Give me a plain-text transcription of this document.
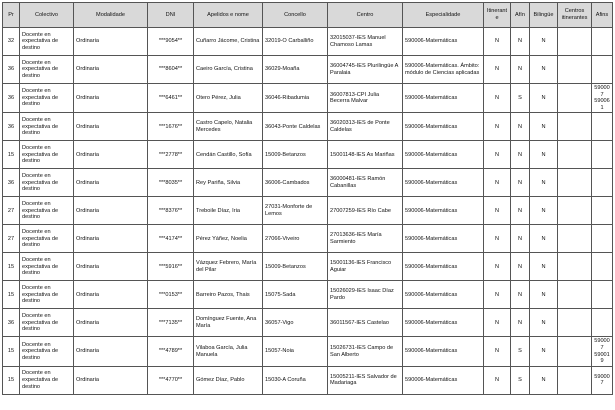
Pr	Colectivo	Modalidade	DNI	Apelidos e nome	Concello	Centro	Especialidade	Itinerante	Afín	Bilingüe	Centros itinerantes	Afins
32	Docente en expectativa de destino	Ordinaria	***9054**	Cuñarro Jácome, Cristina	32019-O Carballiño	32015037-IES Manuel Chamoso Lamas	590006-Matemáticas	N	N	N		
36	Docente en expectativa de destino	Ordinaria	***8604**	Caeiro García, Cristina	36029-Moaña	36004745-IES Plurilingüe A Paralaia	590006-Matemáticas. Ámbito: módulo de Ciencias aplicadas	N	N	N		
36	Docente en expectativa de destino	Ordinaria	***6461**	Otero Pérez, Julia	36046-Ribadumia	36007813-CPI Julia Becerra Malvar	590006-Matemáticas	N	S	N		590007
590061

36	Docente en expectativa de destino	Ordinaria	***1676**	Castro Capelo, Natalia Mercedes	36043-Ponte Caldelas	36020313-IES de Ponte Caldelas	590006-Matemáticas	N	N	N		
15	Docente en expectativa de destino	Ordinaria	***2778**	Cendán Castillo, Sofía	15009-Betanzos	15001148-IES As Mariñas	590006-Matemáticas	N	N	N		
36	Docente en expectativa de destino	Ordinaria	***8035**	Rey Pariña, Silvia	36006-Cambados	36000481-IES Ramón Cabanillas	590006-Matemáticas	N	N	N		
27	Docente en expectativa de destino	Ordinaria	***8376**	Treboile Díaz, Iria	27031-Monforte de Lemos	27007259-IES Río Cabe	590006-Matemáticas	N	N	N		
27	Docente en expectativa de destino	Ordinaria	***4174**	Pérez Yáñez, Noelia	27066-Viveiro	27013636-IES María Sarmiento	590006-Matemáticas	N	N	N		
15	Docente en expectativa de destino	Ordinaria	***5916**	Vázquez Febrero, María del Pilar	15009-Betanzos	15001136-IES Francisco Aguiar	590006-Matemáticas	N	N	N		
15	Docente en expectativa de destino	Ordinaria	***0153**	Barreiro Pazos, Thais	15075-Sada	15026029-IES Isaac Díaz Pardo	590006-Matemáticas	N	N	N		
36	Docente en expectativa de destino	Ordinaria	***7135**	Domínguez Fuente, Ana María	36057-Vigo	36011567-IES Castelao	590006-Matemáticas	N	N	N		
15	Docente en expectativa de destino	Ordinaria	***4789**	Vilaboa García, Julia Manuela	15057-Noia	15026731-IES Campo de San Alberto	590006-Matemáticas	N	S	N		590007
590019

15	Docente en expectativa de destino	Ordinaria	***4770**	Gómez Díaz, Pablo	15030-A Coruña	15005211-IES Salvador de Madariaga	590006-Matemáticas	N	S	N		590007
